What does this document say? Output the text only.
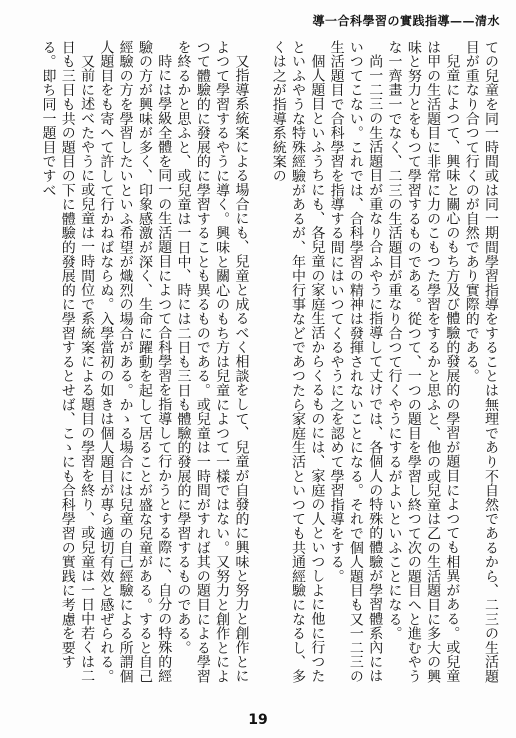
水清——導指践實の習學科合一導

ての兒童を同一時間或は同一期間學習指導をすることは無理であり不自然であるから、二三の生活題目が重なり合つて行くのが自然であり實際的である。

兒童によつて、興味と關心のもち方及び體驗的發展的の學習が題目によつても相異がある。或兒童は甲の生活題目に非常に力のこもつた學習をするかと思ふと、他の或兒童は乙の生活題目に多大の興味と努力とをもつて學習するものである。從つて、一つの題目を學習し終つて次の題目へと進むやうな一齊畫一でなく、二三の生活題目が重なり合つて行くやうにするがよいといふことになる。

尚一二三の生活題目が重なり合ふやうに指導して丈けでは、各個人の特殊的體驗が學習體系內にはいつてこない。これでは、合科學習の精神は發揮されないことになる。それで個人題目も又一二三の生活題目で合科學習を指導する間にはいつてくるやうに之を認めて學習指導をする。

個人題目といふうちにも、各兒童の家庭生活からくるものには、家庭の人といつしよに他に行つたといふやうな特殊經驗があるが、年中行事などであつたら家庭生活といつても共通經驗になるし、多くは之が指導系統案の

又指導系統案による場合にも、兒童と成るべく相談をして、兒童が自發的に興味と努力と創作とによつて學習するやうに導く。興味と關心のもち方は兒童によつて一樣ではない。又努力と創作とによつて體驗的に發展的に學習することも異るものである。或兒童は一時間がすれば其の題目による學習を終るかと思ふと、或兒童は一日中、時には二日も三日も體驗的發展的に學習するものである。

時には學級全體を同一の生活題目によつて合科學習を指導して行かうとする際に、自分の特殊的經驗の方が興味が多く、印象感激が深く、生命に躍動を起して居ることが盛な兒童がある。すると自己經驗の方を學習したいといふ希望が熾烈の場合がある。かゝる場合には兒童の自己經驗による所謂個人題目をも寄へて許して行かねばならぬ。入學當初の如きは個人題目が專ら適切有效と感ぜられる。

又前に述べたやうに或兒童は一時間位で系統案による題目の學習を終り、或兒童は一日中若くは二日も三日も共の題目の下に體驗的發展的に學習するとせば、こゝにも合科學習の實践に考慮を要する。即ち同一題目ですべ

19
